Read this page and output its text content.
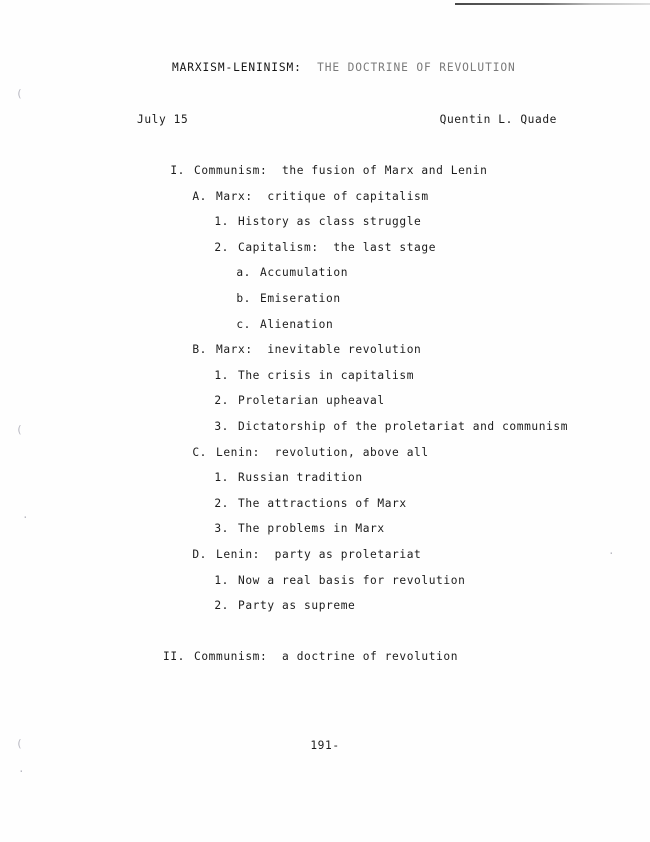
MARXISM-LENINISM:  THE DOCTRINE OF REVOLUTION
July 15	Quentin L. Quade
I. Communism:  the fusion of Marx and Lenin
A. Marx:  critique of capitalism
1. History as class struggle
2. Capitalism:  the last stage
a. Accumulation
b. Emiseration
c. Alienation
B. Marx:  inevitable revolution
1. The crisis in capitalism
2. Proletarian upheaval
3. Dictatorship of the proletariat and communism
C. Lenin:  revolution, above all
1. Russian tradition
2. The attractions of Marx
3. The problems in Marx
D. Lenin:  party as proletariat
1. Now a real basis for revolution
2. Party as supreme
II. Communism:  a doctrine of revolution
191-
(
(
·
(
·
·
